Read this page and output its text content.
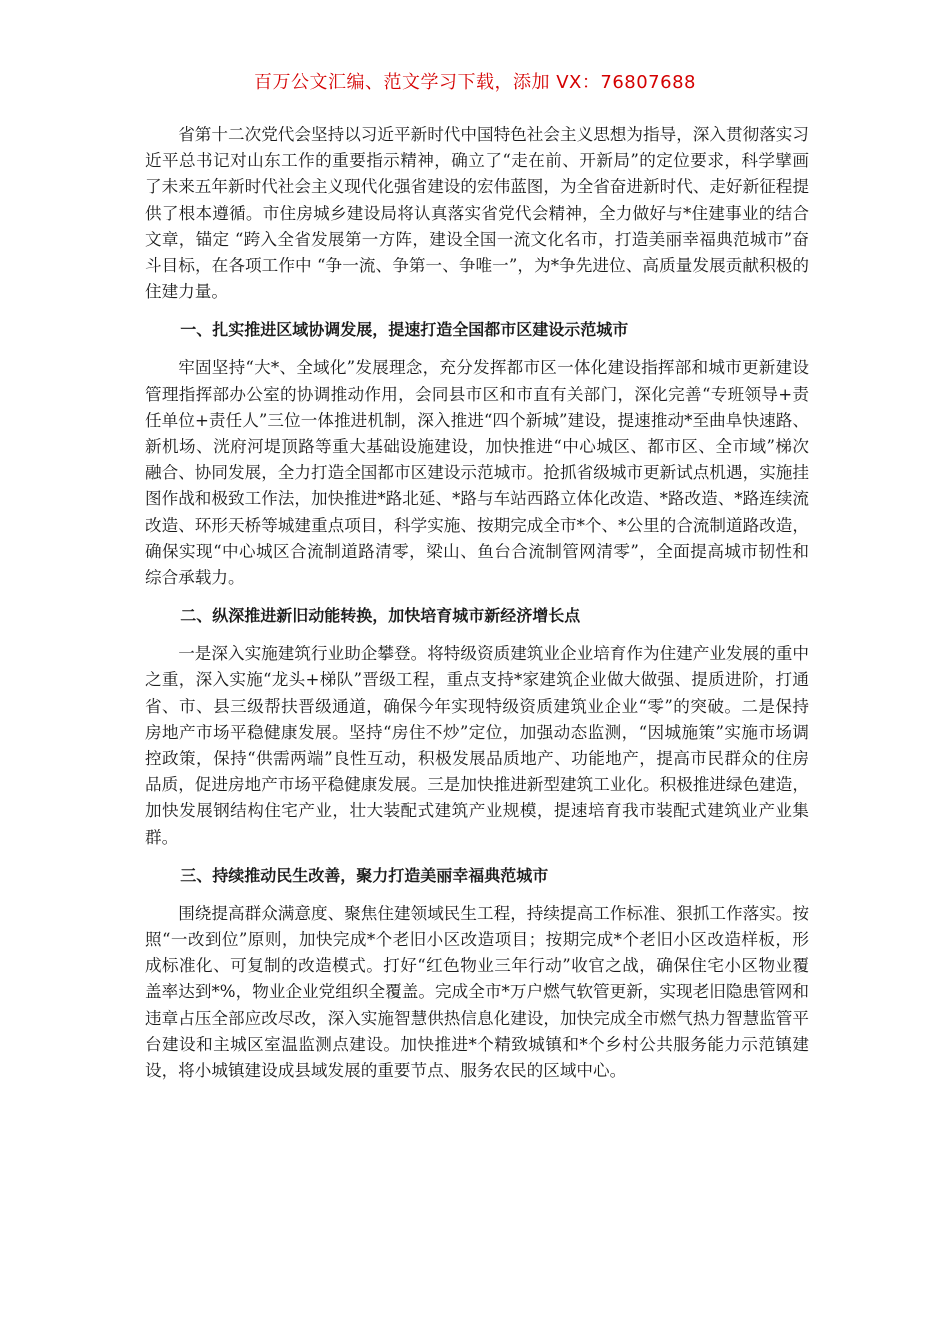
百万公文汇编、范文学习下载，添加 VX：76807688

省第十二次党代会坚持以习近平新时代中国特色社会主义思想为指导，深入贯彻落实习近平总书记对山东工作的重要指示精神，确立了“走在前、开新局”的定位要求，科学擘画了未来五年新时代社会主义现代化强省建设的宏伟蓝图，为全省奋进新时代、走好新征程提供了根本遵循。市住房城乡建设局将认真落实省党代会精神，全力做好与*住建事业的结合文章，锚定 “跨入全省发展第一方阵，建设全国一流文化名市，打造美丽幸福典范城市”奋斗目标，在各项工作中 “争一流、争第一、争唯一”，为*争先进位、高质量发展贡献积极的住建力量。

一、扎实推进区域协调发展，提速打造全国都市区建设示范城市

牢固坚持“大*、全域化”发展理念，充分发挥都市区一体化建设指挥部和城市更新建设管理指挥部办公室的协调推动作用，会同县市区和市直有关部门，深化完善“专班领导+责任单位+责任人”三位一体推进机制，深入推进“四个新城”建设，提速推动*至曲阜快速路、新机场、洸府河堤顶路等重大基础设施建设，加快推进“中心城区、都市区、全市域”梯次融合、协同发展，全力打造全国都市区建设示范城市。抢抓省级城市更新试点机遇，实施挂图作战和极致工作法，加快推进*路北延、*路与车站西路立体化改造、*路改造、*路连续流改造、环形天桥等城建重点项目，科学实施、按期完成全市*个、*公里的合流制道路改造，确保实现“中心城区合流制道路清零，梁山、鱼台合流制管网清零”，全面提高城市韧性和综合承载力。

二、纵深推进新旧动能转换，加快培育城市新经济增长点

一是深入实施建筑行业助企攀登。将特级资质建筑业企业培育作为住建产业发展的重中之重，深入实施“龙头+梯队”晋级工程，重点支持*家建筑企业做大做强、提质进阶，打通省、市、县三级帮扶晋级通道，确保今年实现特级资质建筑业企业“零”的突破。二是保持房地产市场平稳健康发展。坚持“房住不炒”定位，加强动态监测，“因城施策”实施市场调控政策，保持“供需两端”良性互动，积极发展品质地产、功能地产，提高市民群众的住房品质，促进房地产市场平稳健康发展。三是加快推进新型建筑工业化。积极推进绿色建造，加快发展钢结构住宅产业，壮大装配式建筑产业规模，提速培育我市装配式建筑业产业集群。

三、持续推动民生改善，聚力打造美丽幸福典范城市

围绕提高群众满意度、聚焦住建领域民生工程，持续提高工作标准、狠抓工作落实。按照“一改到位”原则，加快完成*个老旧小区改造项目；按期完成*个老旧小区改造样板，形成标准化、可复制的改造模式。打好“红色物业三年行动”收官之战，确保住宅小区物业覆盖率达到*%，物业企业党组织全覆盖。完成全市*万户燃气软管更新，实现老旧隐患管网和违章占压全部应改尽改，深入实施智慧供热信息化建设，加快完成全市燃气热力智慧监管平台建设和主城区室温监测点建设。加快推进*个精致城镇和*个乡村公共服务能力示范镇建设，将小城镇建设成县域发展的重要节点、服务农民的区域中心。
